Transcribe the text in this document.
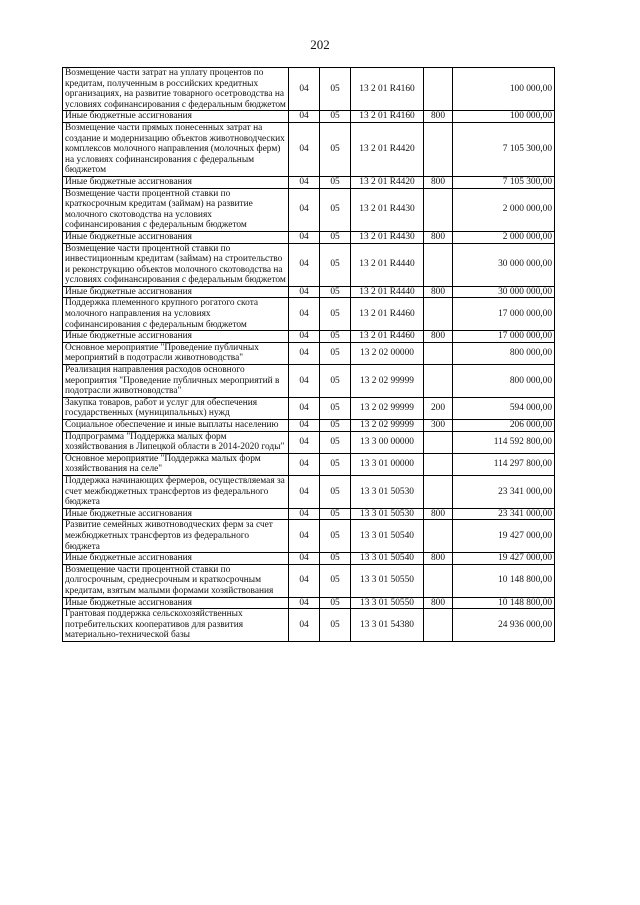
202
Возмещение части затрат на уплату процентов по кредитам, полученным в российских кредитных организациях, на развитие товарного осетроводства на условиях софинансирования с федеральным бюджетом	04	05	13 2 01 R4160		100 000,00
Иные бюджетные ассигнования	04	05	13 2 01 R4160	800	100 000,00
Возмещение части прямых понесенных затрат на создание и модернизацию объектов животноводческих комплексов молочного направления (молочных ферм) на условиях софинансирования с федеральным бюджетом	04	05	13 2 01 R4420		7 105 300,00
Иные бюджетные ассигнования	04	05	13 2 01 R4420	800	7 105 300,00
Возмещение части процентной ставки по краткосрочным кредитам (займам) на развитие молочного скотоводства на условиях софинансирования с федеральным бюджетом	04	05	13 2 01 R4430		2 000 000,00
Иные бюджетные ассигнования	04	05	13 2 01 R4430	800	2 000 000,00
Возмещение части процентной ставки по инвестиционным кредитам (займам) на строительство и реконструкцию объектов молочного скотоводства на условиях софинансирования с федеральным бюджетом	04	05	13 2 01 R4440		30 000 000,00
Иные бюджетные ассигнования	04	05	13 2 01 R4440	800	30 000 000,00
Поддержка племенного крупного рогатого скота молочного направления на условиях софинансирования с федеральным бюджетом	04	05	13 2 01 R4460		17 000 000,00
Иные бюджетные ассигнования	04	05	13 2 01 R4460	800	17 000 000,00
Основное мероприятие "Проведение публичных мероприятий в подотрасли животноводства"	04	05	13 2 02 00000		800 000,00
Реализация направления расходов основного мероприятия "Проведение публичных мероприятий в подотрасли животноводства"	04	05	13 2 02 99999		800 000,00
Закупка товаров, работ и услуг для обеспечения государственных (муниципальных) нужд	04	05	13 2 02 99999	200	594 000,00
Социальное обеспечение и иные выплаты населению	04	05	13 2 02 99999	300	206 000,00
Подпрограмма "Поддержка малых форм хозяйствования в Липецкой области в 2014-2020 годы"	04	05	13 3 00 00000		114 592 800,00
Основное мероприятие "Поддержка малых форм хозяйствования на селе"	04	05	13 3 01 00000		114 297 800,00
Поддержка начинающих фермеров, осуществляемая за счет межбюджетных трансфертов из федерального бюджета	04	05	13 3 01 50530		23 341 000,00
Иные бюджетные ассигнования	04	05	13 3 01 50530	800	23 341 000,00
Развитие семейных животноводческих ферм за счет межбюджетных трансфертов из федерального бюджета	04	05	13 3 01 50540		19 427 000,00
Иные бюджетные ассигнования	04	05	13 3 01 50540	800	19 427 000,00
Возмещение части процентной ставки по долгосрочным, среднесрочным и краткосрочным кредитам, взятым малыми формами хозяйствования	04	05	13 3 01 50550		10 148 800,00
Иные бюджетные ассигнования	04	05	13 3 01 50550	800	10 148 800,00
Грантовая поддержка сельскохозяйственных потребительских кооперативов для развития материально-технической базы	04	05	13 3 01 54380		24 936 000,00
